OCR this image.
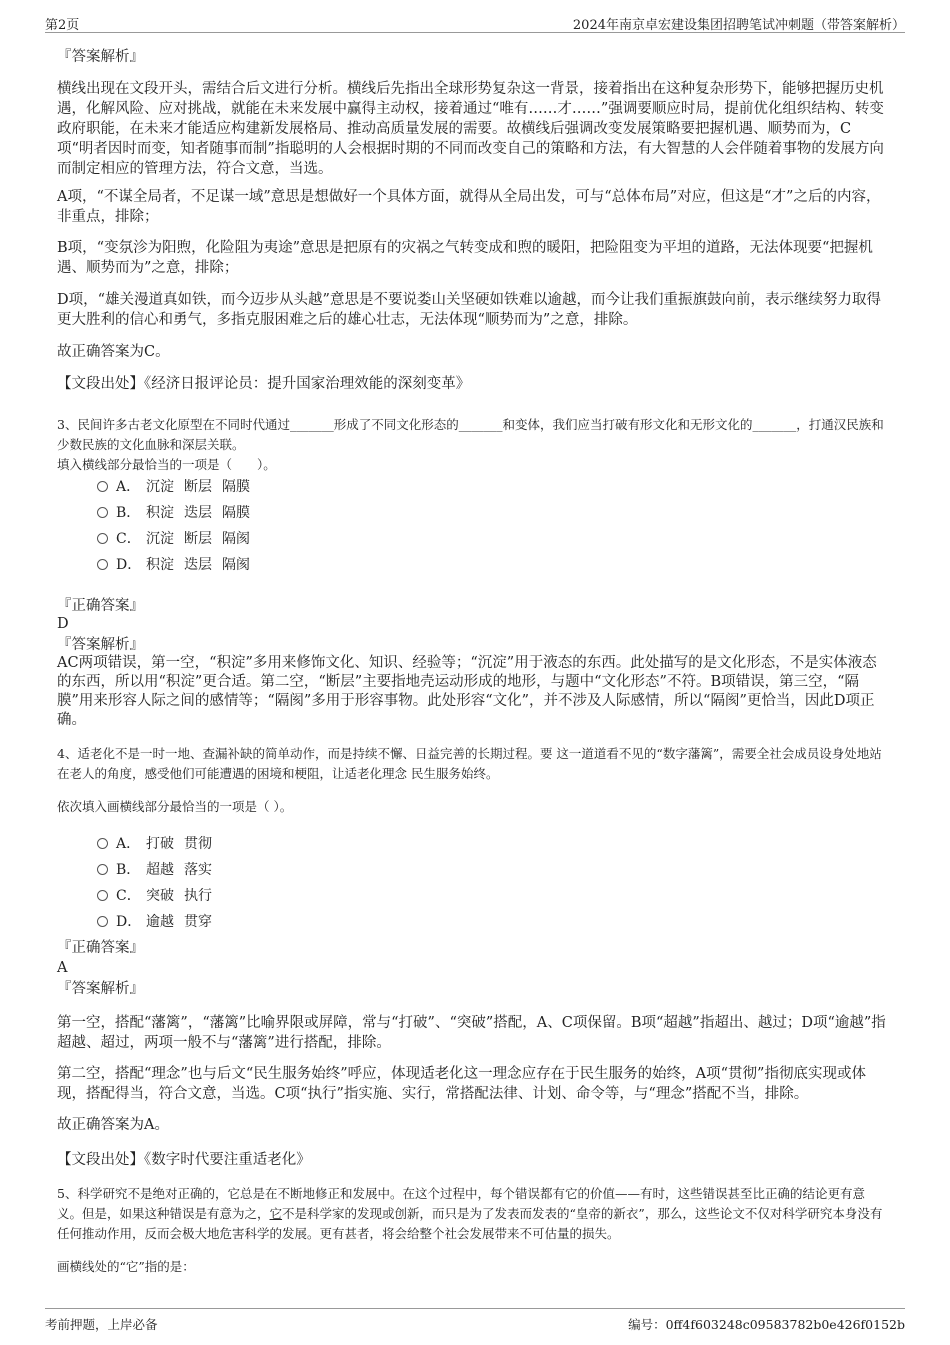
第2页	2024年南京卓宏建设集团招聘笔试冲刺题（带答案解析）
『答案解析』
横线出现在文段开头，需结合后文进行分析。横线后先指出全球形势复杂这一背景，接着指出在这种复杂形势下，能够把握历史机遇，化解风险、应对挑战，就能在未来发展中赢得主动权，接着通过“唯有……才……”强调要顺应时局，提前优化组织结构、转变政府职能，在未来才能适应构建新发展格局、推动高质量发展的需要。故横线后强调改变发展策略要把握机遇、顺势而为，C项“明者因时而变，知者随事而制”指聪明的人会根据时期的不同而改变自己的策略和方法，有大智慧的人会伴随着事物的发展方向而制定相应的管理方法，符合文意，当选。
A项，“不谋全局者，不足谋一域”意思是想做好一个具体方面，就得从全局出发，可与“总体布局”对应，但这是“才”之后的内容，非重点，排除；
B项，“变氛沴为阳煦，化险阻为夷途”意思是把原有的灾祸之气转变成和煦的暖阳，把险阻变为平坦的道路，无法体现要“把握机遇、顺势而为”之意，排除；
D项，“雄关漫道真如铁，而今迈步从头越”意思是不要说娄山关坚硬如铁难以逾越，而今让我们重振旗鼓向前，表示继续努力取得更大胜利的信心和勇气，多指克服困难之后的雄心壮志，无法体现“顺势而为”之意，排除。
故正确答案为C。
【文段出处】《经济日报评论员：提升国家治理效能的深刻变革》
3、民间许多古老文化原型在不同时代通过_______形成了不同文化形态的_______和变体，我们应当打破有形文化和无形文化的_______，打通汉民族和少数民族的文化血脉和深层关联。
填入横线部分最恰当的一项是（　　）。
A． 沉淀 断层 隔膜
B． 积淀 迭层 隔膜
C． 沉淀 断层 隔阂
D． 积淀 迭层 隔阂
『正确答案』
D
『答案解析』
AC两项错误，第一空，“积淀”多用来修饰文化、知识、经验等；“沉淀”用于液态的东西。此处描写的是文化形态，不是实体液态的东西，所以用“积淀”更合适。第二空，“断层”主要指地壳运动形成的地形，与题中“文化形态”不符。B项错误，第三空，“隔膜”用来形容人际之间的感情等；“隔阂”多用于形容事物。此处形容“文化”，并不涉及人际感情，所以“隔阂”更恰当，因此D项正确。
4、适老化不是一时一地、查漏补缺的简单动作，而是持续不懈、日益完善的长期过程。要 这一道道看不见的“数字藩篱”，需要全社会成员设身处地站在老人的角度，感受他们可能遭遇的困境和梗阻，让适老化理念 民生服务始终。
依次填入画横线部分最恰当的一项是（ ）。
A． 打破 贯彻
B． 超越 落实
C． 突破 执行
D． 逾越 贯穿
『正确答案』
A
『答案解析』
第一空，搭配“藩篱”，“藩篱”比喻界限或屏障，常与“打破”、“突破”搭配，A、C项保留。B项“超越”指超出、越过；D项“逾越”指超越、超过，两项一般不与“藩篱”进行搭配，排除。
第二空，搭配“理念”也与后文“民生服务始终”呼应，体现适老化这一理念应存在于民生服务的始终，A项“贯彻”指彻底实现或体现，搭配得当，符合文意，当选。C项“执行”指实施、实行，常搭配法律、计划、命令等，与“理念”搭配不当，排除。
故正确答案为A。
【文段出处】《数字时代要注重适老化》
5、科学研究不是绝对正确的，它总是在不断地修正和发展中。在这个过程中，每个错误都有它的价值——有时，这些错误甚至比正确的结论更有意义。但是，如果这种错误是有意为之，它不是科学家的发现或创新，而只是为了发表而发表的“皇帝的新衣”，那么，这些论文不仅对科学研究本身没有任何推动作用，反而会极大地危害科学的发展。更有甚者，将会给整个社会发展带来不可估量的损失。
画横线处的“它”指的是：
考前押题，上岸必备	编号：0ff4f603248c09583782b0e426f0152b
